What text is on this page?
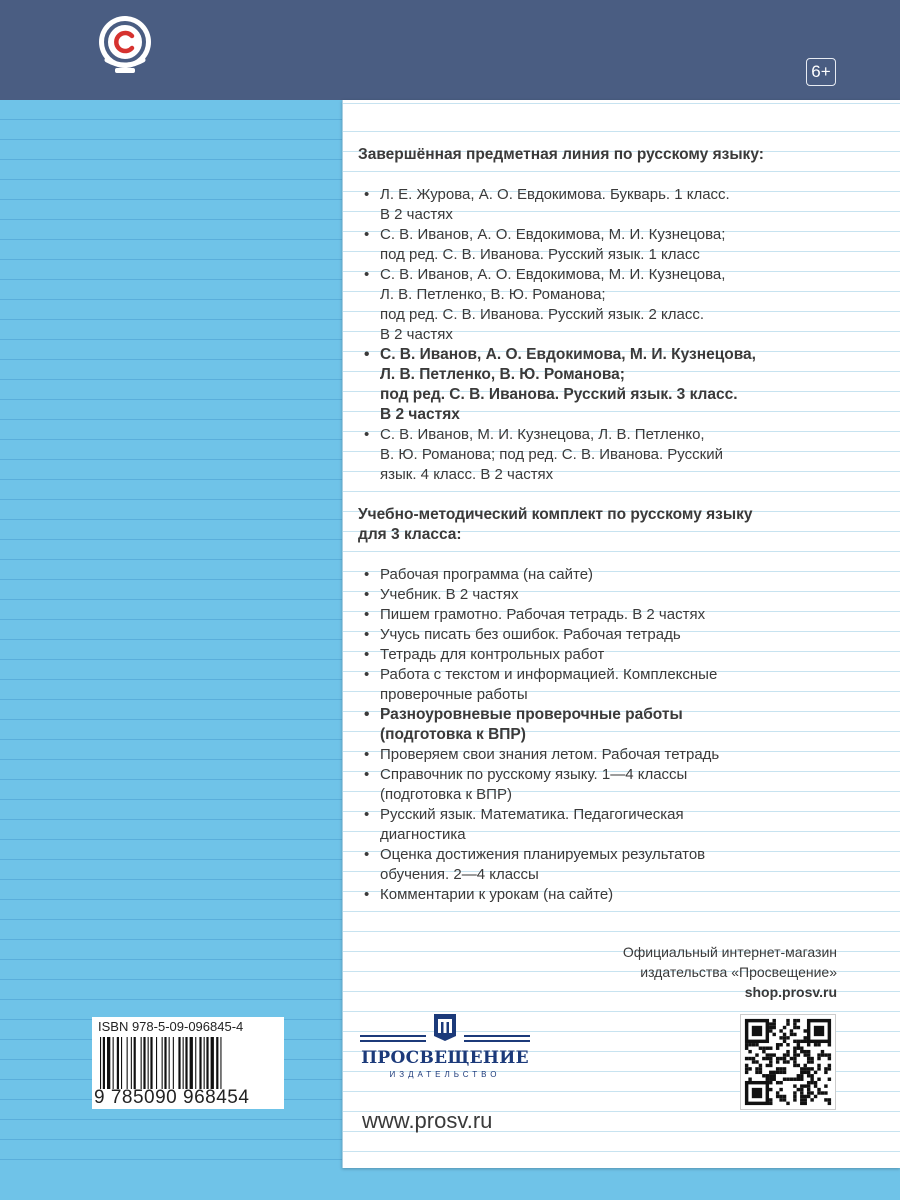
6+
Завершённая предметная линия по русскому языку:
• Л. Е. Журова, А. О. Евдокимова. Букварь. 1 класс.
В 2 частях
• С. В. Иванов, А. О. Евдокимова, М. И. Кузнецова;
под ред. С. В. Иванова. Русский язык. 1 класс
• С. В. Иванов, А. О. Евдокимова, М. И. Кузнецова,
Л. В. Петленко, В. Ю. Романова;
под ред. С. В. Иванова. Русский язык. 2 класс.
В 2 частях
• С. В. Иванов, А. О. Евдокимова, М. И. Кузнецова,
Л. В. Петленко, В. Ю. Романова;
под ред. С. В. Иванова. Русский язык. 3 класс.
В 2 частях
• С. В. Иванов, М. И. Кузнецова, Л. В. Петленко,
В. Ю. Романова; под ред. С. В. Иванова. Русский
язык. 4 класс. В 2 частях
Учебно-методический комплект по русскому языку
для 3 класса:
• Рабочая программа (на сайте)
• Учебник. В 2 частях
• Пишем грамотно. Рабочая тетрадь. В 2 частях
• Учусь писать без ошибок. Рабочая тетрадь
• Тетрадь для контрольных работ
• Работа с текстом и информацией. Комплексные
проверочные работы
• Разноуровневые проверочные работы
(подготовка к ВПР)
• Проверяем свои знания летом. Рабочая тетрадь
• Справочник по русскому языку. 1—4 классы
(подготовка к ВПР)
• Русский язык. Математика. Педагогическая
диагностика
• Оценка достижения планируемых результатов
обучения. 2—4 классы
• Комментарии к урокам (на сайте)
Официальный интернет-магазин
издательства «Просвещение»
shop.prosv.ru
ISBN 978-5-09-096845-4
9 785090 968454
ПРОСВЕЩЕНИЕ
ИЗДАТЕЛЬСТВО
www.prosv.ru
